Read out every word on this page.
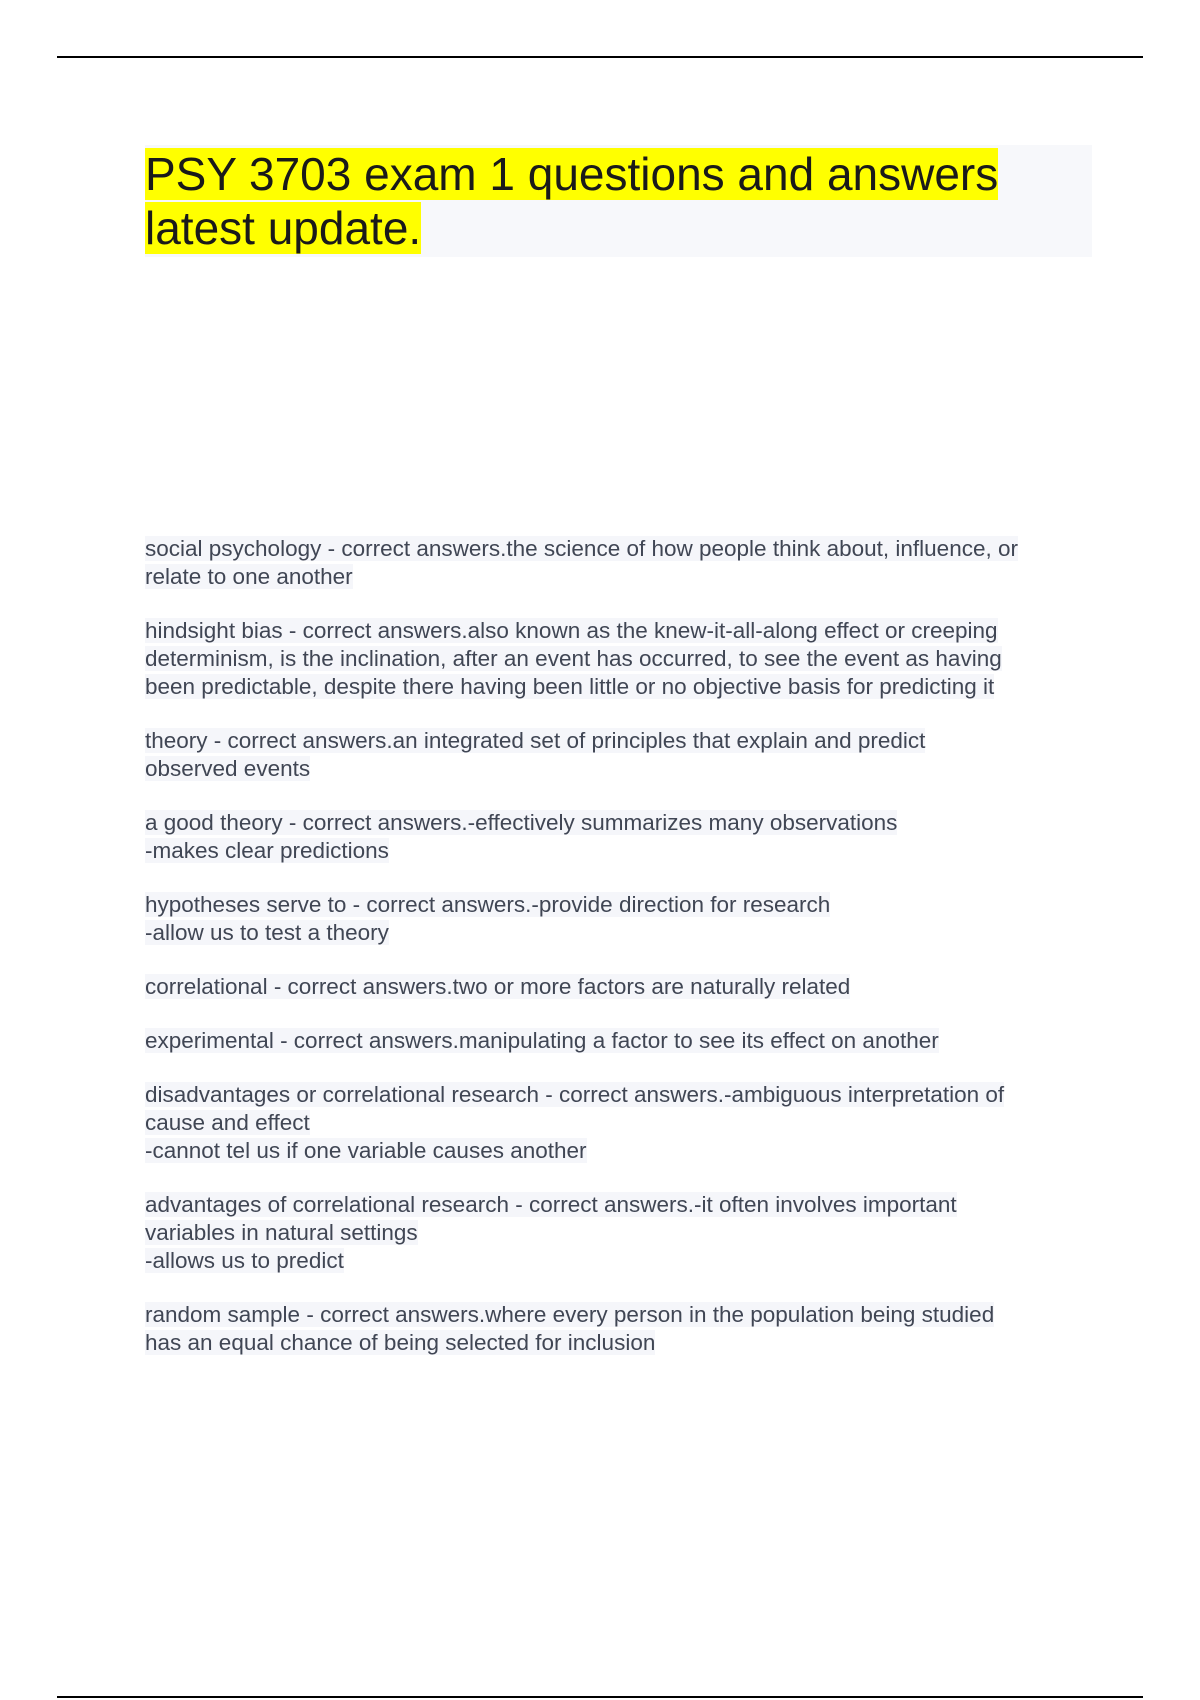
PSY 3703 exam 1 questions and answers
latest update.
social psychology - correct answers.the science of how people think about, influence, or
relate to one another
hindsight bias - correct answers.also known as the knew-it-all-along effect or creeping
determinism, is the inclination, after an event has occurred, to see the event as having
been predictable, despite there having been little or no objective basis for predicting it
theory - correct answers.an integrated set of principles that explain and predict
observed events
a good theory - correct answers.-effectively summarizes many observations
-makes clear predictions
hypotheses serve to - correct answers.-provide direction for research
-allow us to test a theory
correlational - correct answers.two or more factors are naturally related
experimental - correct answers.manipulating a factor to see its effect on another
disadvantages or correlational research - correct answers.-ambiguous interpretation of
cause and effect
-cannot tel us if one variable causes another
advantages of correlational research - correct answers.-it often involves important
variables in natural settings
-allows us to predict
random sample - correct answers.where every person in the population being studied
has an equal chance of being selected for inclusion
